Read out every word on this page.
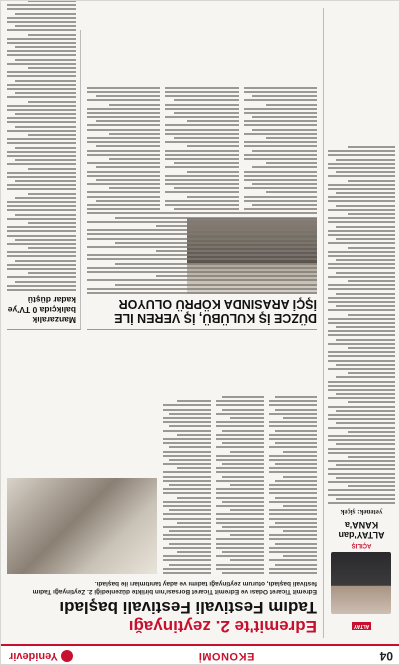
04
EKONOMİ
Yenidevir
ALTAY
AÇILIŞ
ALTAY'dan KANA'a
yetenek: şiçek
Edremit'te 2. zeytinyağı
Tadım Festivali Festivali başladı
Edremit Ticaret Odası ve Edremit Ticaret Borsası'nın birlikte düzenlediği 2. Zeytinyağı Tadım festivali başladı, oturum zeytinyağı tadımı ve aday tanıtımları ile başladı.
DÜZCE İŞ KULÜBÜ, İŞ VEREN İLE İŞÇİ ARASINDA KÖPRÜ OLUYOR
Manzaralık balıkçıda 0 TV'ye kadar düştü
